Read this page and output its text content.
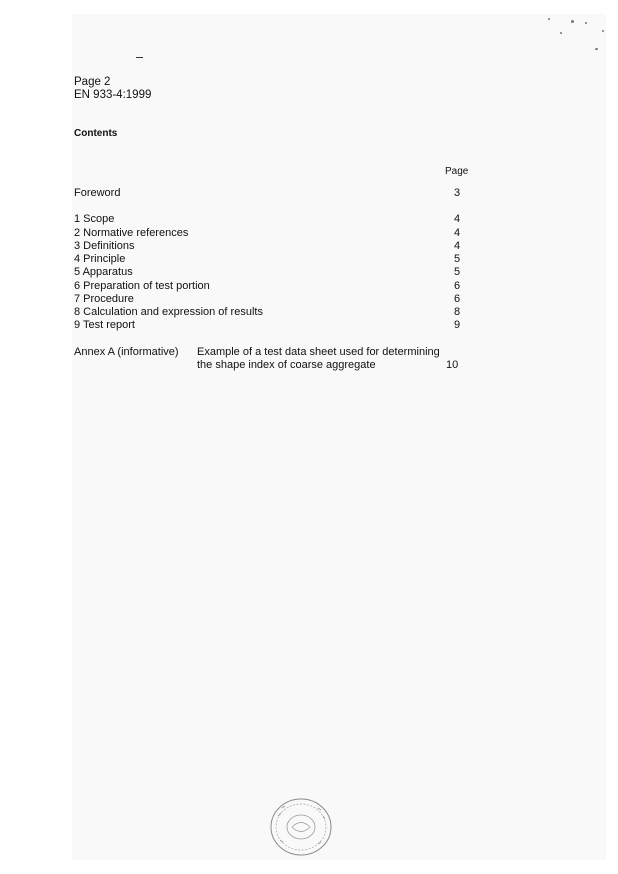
Page 2
EN 933-4:1999
Contents
Page
Foreword	3
1 Scope	4
2 Normative references	4
3 Definitions	4
4 Principle	5
5 Apparatus	5
6 Preparation of test portion	6
7 Procedure	6
8 Calculation and expression of results	8
9 Test report	9
Annex A (informative) Example of a test data sheet used for determining
the shape index of coarse aggregate	10
